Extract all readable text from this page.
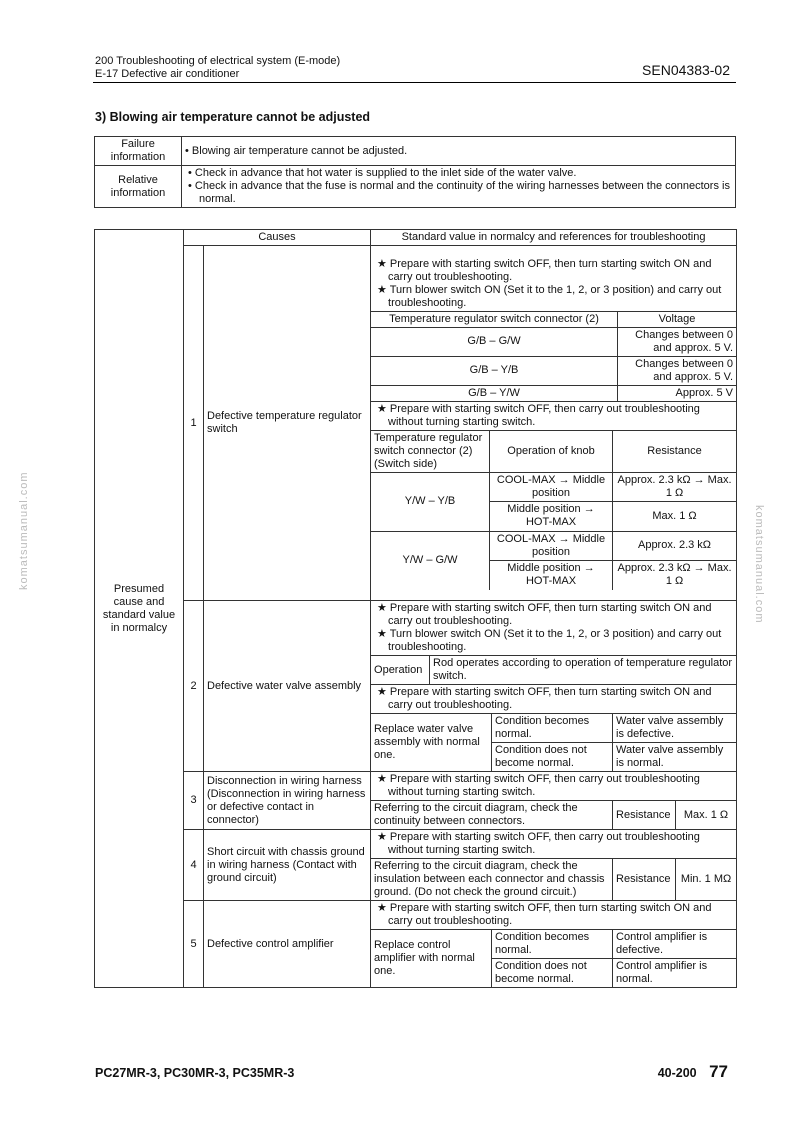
200 Troubleshooting of electrical system (E-mode)
E-17 Defective air conditioner	SEN04383-02
3) Blowing air temperature cannot be adjusted
Failure information	• Blowing air temperature cannot be adjusted.
Relative information	• Check in advance that hot water is supplied to the inlet side of the water valve.
• Check in advance that the fuse is normal and the continuity of the wiring harnesses between the connectors is normal.
Presumed cause and standard value in normalcy	Causes	Standard value in normalcy and references for troubleshooting
1	Defective temperature regulator switch	
★ Prepare with starting switch OFF, then turn starting switch ON and carry out troubleshooting.
★ Turn blower switch ON (Set it to the 1, 2, or 3 position) and carry out troubleshooting.

Temperature regulator switch connector (2)	Voltage
G/B – G/W	Changes between 0 and approx. 5 V.
G/B – Y/B	Changes between 0 and approx. 5 V.
G/B – Y/W	Approx. 5 V
★ Prepare with starting switch OFF, then carry out troubleshooting without turning starting switch.

Temperature regulator switch connector (2) (Switch side)	Operation of knob	Resistance
Y/W – Y/B	COOL-MAX → Middle position	Approx. 2.3 kΩ → Max. 1 Ω
Middle position → HOT-MAX	Max. 1 Ω
Y/W – G/W	COOL-MAX → Middle position	Approx. 2.3 kΩ
Middle position → HOT-MAX	Approx. 2.3 kΩ → Max. 1 Ω

2	Defective water valve assembly	
★ Prepare with starting switch OFF, then turn starting switch ON and carry out troubleshooting.
★ Turn blower switch ON (Set it to the 1, 2, or 3 position) and carry out troubleshooting.

Operation	Rod operates according to operation of temperature regulator switch.

★ Prepare with starting switch OFF, then turn starting switch ON and carry out troubleshooting.
Replace water valve assembly with normal one.	Condition becomes normal.	Water valve assembly is defective.
Condition does not become normal.	Water valve assembly is normal.

3	Disconnection in wiring harness (Disconnection in wiring harness or defective contact in connector)	
★ Prepare with starting switch OFF, then carry out troubleshooting without turning starting switch.

Referring to the circuit diagram, check the continuity between connectors.	Resistance	Max. 1 Ω

4	Short circuit with chassis ground in wiring harness (Contact with ground circuit)	
★ Prepare with starting switch OFF, then carry out troubleshooting without turning starting switch.

Referring to the circuit diagram, check the insulation between each connector and chassis ground. (Do not check the ground circuit.)	Resistance	Min. 1 MΩ

5	Defective control amplifier	
★ Prepare with starting switch OFF, then turn starting switch ON and carry out troubleshooting.

Replace control amplifier with normal one.	Condition becomes normal.	Control amplifier is defective.
Condition does not become normal.	Control amplifier is normal.
komatsumanual.com	komatsumanual.com
PC27MR-3, PC30MR-3, PC35MR-3	40-200 77
